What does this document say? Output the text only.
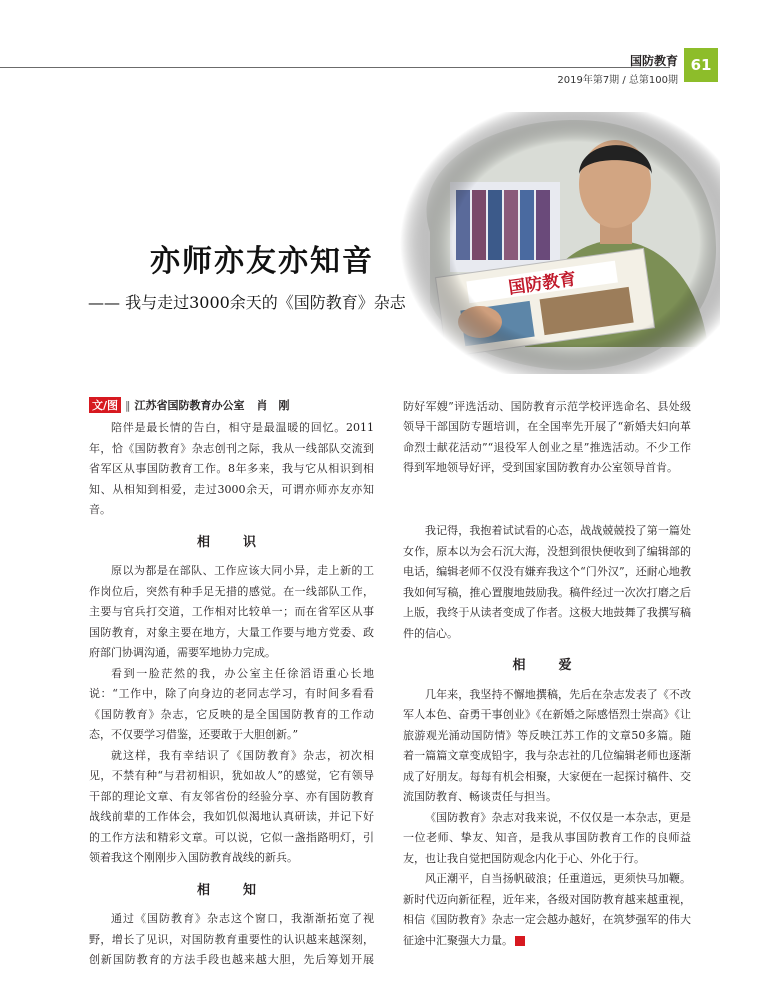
国防教育
2019年第7期 / 总第100期
61
亦师亦友亦知音
—— 我与走过3000余天的《国防教育》杂志
文/图 ‖ 江苏省国防教育办公室 肖　刚

陪伴是最长情的告白，相守是最温暖的回忆。2011年，恰《国防教育》杂志创刊之际，我从一线部队交流到省军区从事国防教育工作。8年多来，我与它从相识到相知、从相知到相爱，走过3000余天，可谓亦师亦友亦知音。

相　识

原以为都是在部队、工作应该大同小异，走上新的工作岗位后，突然有种手足无措的感觉。在一线部队工作，主要与官兵打交道，工作相对比较单一；而在省军区从事国防教育，对象主要在地方，大量工作要与地方党委、政府部门协调沟通，需要军地协力完成。

看到一脸茫然的我，办公室主任徐滔语重心长地说：“工作中，除了向身边的老同志学习，有时间多看看《国防教育》杂志，它反映的是全国国防教育的工作动态，不仅要学习借鉴，还要敢于大胆创新。”

就这样，我有幸结识了《国防教育》杂志，初次相见，不禁有种“与君初相识，犹如故人”的感觉，它有领导干部的理论文章、有友邻省份的经验分享、亦有国防教育战线前辈的工作体会，我如饥似渴地认真研读，并记下好的工作方法和精彩文章。可以说，它似一盏指路明灯，引领着我这个刚刚步入国防教育战线的新兵。

相　知

通过《国防教育》杂志这个窗口，我渐渐拓宽了视野，增长了见识，对国防教育重要性的认识越来越深刻，创新国防教育的方法手段也越来越大胆，先后筹划开展

防好军嫂”评选活动、国防教育示范学校评选命名、县处级领导干部国防专题培训，在全国率先开展了“新婚夫妇向革命烈士献花活动”“退役军人创业之星”推选活动。不少工作得到军地领导好评，受到国家国防教育办公室领导首肯。

我记得，我抱着试试看的心态，战战兢兢投了第一篇处女作，原本以为会石沉大海，没想到很快便收到了编辑部的电话，编辑老师不仅没有嫌弃我这个“门外汉”，还耐心地教我如何写稿，推心置腹地鼓励我。稿件经过一次次打磨之后上版，我终于从读者变成了作者。这极大地鼓舞了我撰写稿件的信心。

相　爱

几年来，我坚持不懈地撰稿，先后在杂志发表了《不改军人本色、奋勇干事创业》《在新婚之际感悟烈士崇高》《让旅游观光涌动国防情》等反映江苏工作的文章50多篇。随着一篇篇文章变成铅字，我与杂志社的几位编辑老师也逐渐成了好朋友。每每有机会相聚，大家便在一起探讨稿件、交流国防教育、畅谈责任与担当。

《国防教育》杂志对我来说，不仅仅是一本杂志，更是一位老师、挚友、知音，是我从事国防教育工作的良师益友，也让我自觉把国防观念内化于心、外化于行。

风正潮平，自当扬帆破浪；任重道远，更须快马加鞭。新时代迈向新征程，近年来，各级对国防教育越来越重视，相信《国防教育》杂志一定会越办越好，在筑梦强军的伟大征途中汇聚强大力量。	G
